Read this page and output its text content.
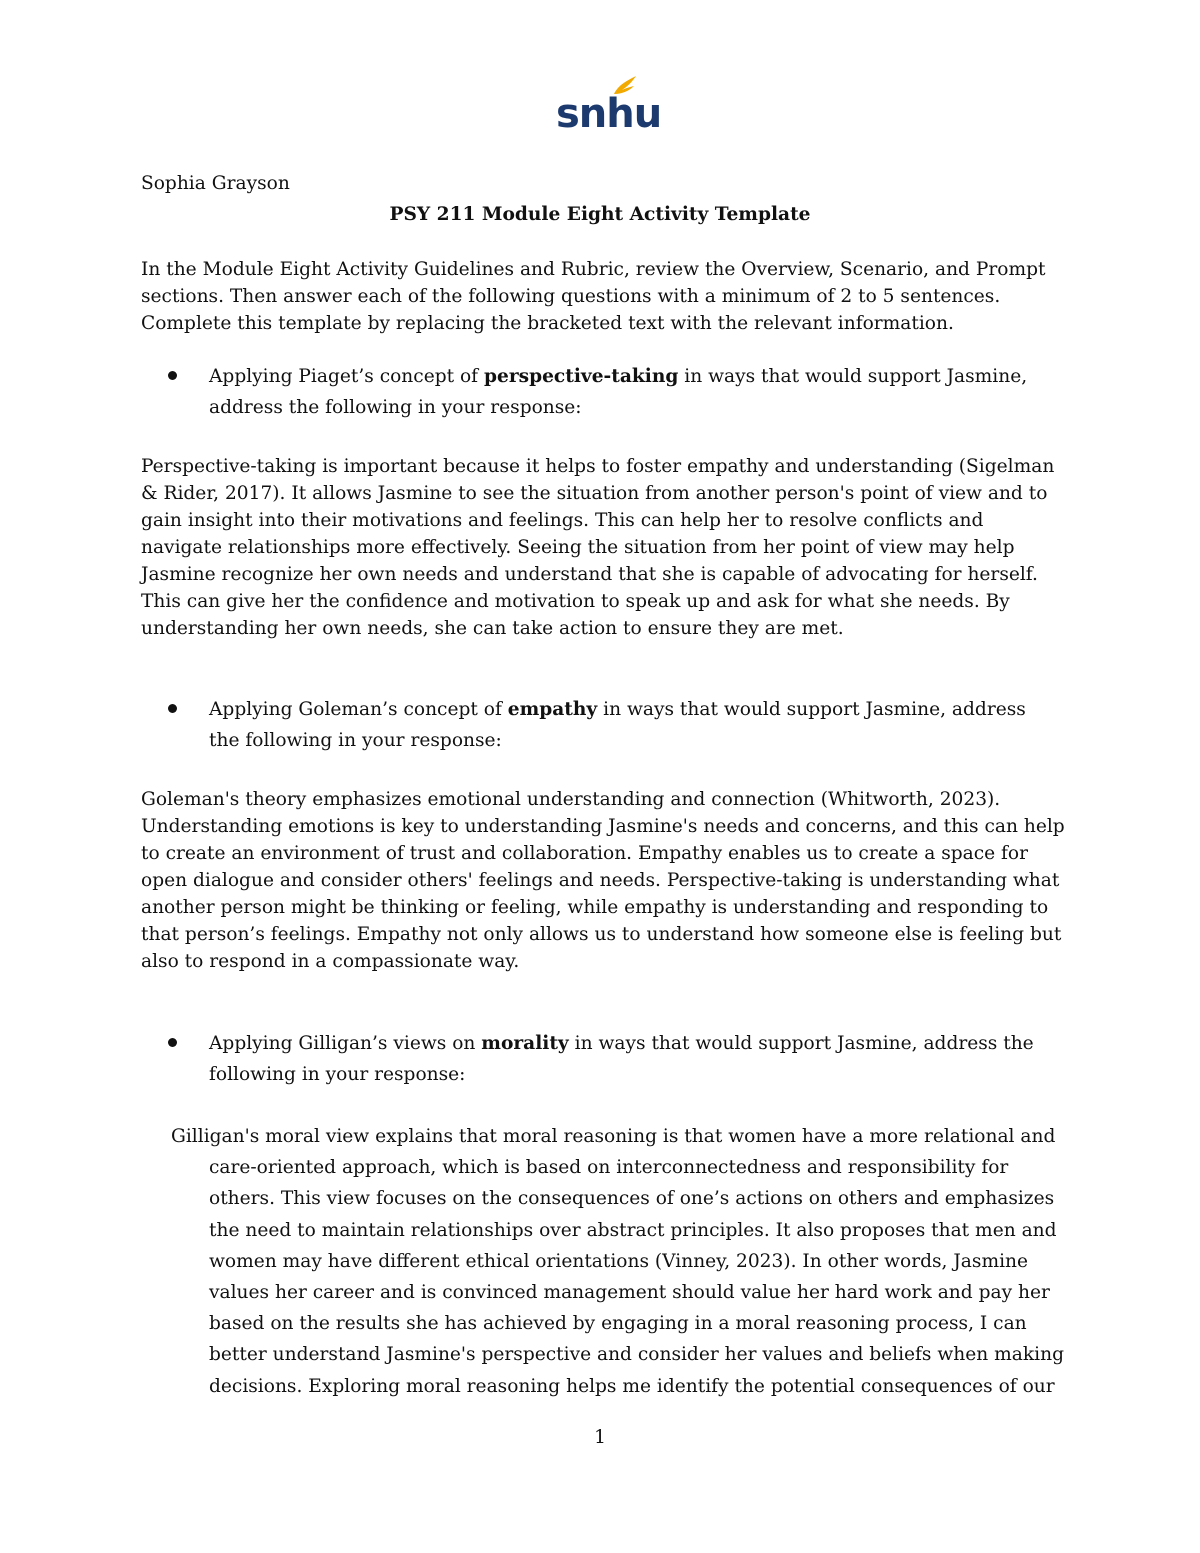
snhu
Sophia Grayson
PSY 211 Module Eight Activity Template
In the Module Eight Activity Guidelines and Rubric, review the Overview, Scenario, and Prompt
sections. Then answer each of the following questions with a minimum of 2 to 5 sentences.
Complete this template by replacing the bracketed text with the relevant information.
Applying Piaget’s concept of perspective-taking in ways that would support Jasmine,
address the following in your response:
Perspective-taking is important because it helps to foster empathy and understanding (Sigelman
& Rider, 2017). It allows Jasmine to see the situation from another person's point of view and to
gain insight into their motivations and feelings. This can help her to resolve conflicts and
navigate relationships more effectively. Seeing the situation from her point of view may help
Jasmine recognize her own needs and understand that she is capable of advocating for herself.
This can give her the confidence and motivation to speak up and ask for what she needs. By
understanding her own needs, she can take action to ensure they are met.
Applying Goleman’s concept of empathy in ways that would support Jasmine, address
the following in your response:
Goleman's theory emphasizes emotional understanding and connection (Whitworth, 2023).
Understanding emotions is key to understanding Jasmine's needs and concerns, and this can help
to create an environment of trust and collaboration. Empathy enables us to create a space for
open dialogue and consider others' feelings and needs. Perspective-taking is understanding what
another person might be thinking or feeling, while empathy is understanding and responding to
that person’s feelings. Empathy not only allows us to understand how someone else is feeling but
also to respond in a compassionate way.
Applying Gilligan’s views on morality in ways that would support Jasmine, address the
following in your response:
Gilligan's moral view explains that moral reasoning is that women have a more relational and
care-oriented approach, which is based on interconnectedness and responsibility for
others. This view focuses on the consequences of one’s actions on others and emphasizes
the need to maintain relationships over abstract principles. It also proposes that men and
women may have different ethical orientations (Vinney, 2023). In other words, Jasmine
values her career and is convinced management should value her hard work and pay her
based on the results she has achieved by engaging in a moral reasoning process, I can
better understand Jasmine's perspective and consider her values and beliefs when making
decisions. Exploring moral reasoning helps me identify the potential consequences of our
1
